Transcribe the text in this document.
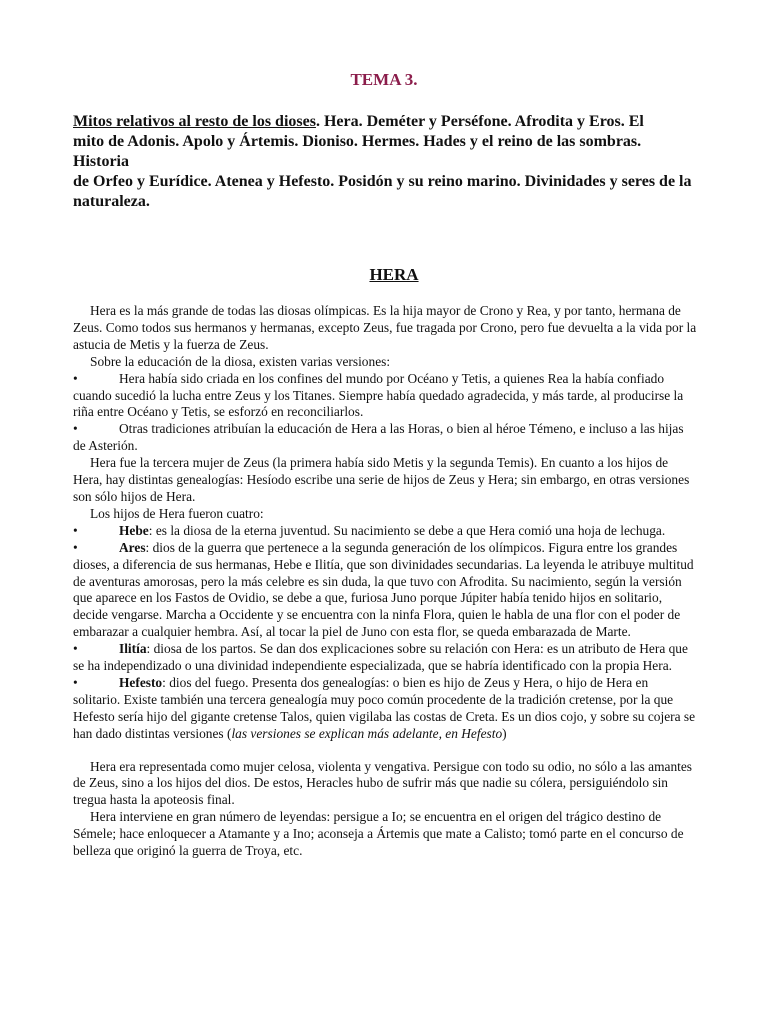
TEMA 3.
Mitos relativos al resto de los dioses. Hera. Deméter y Perséfone. Afrodita y Eros. El
mito de Adonis. Apolo y Ártemis. Dioniso. Hermes. Hades y el reino de las sombras. Historia
de Orfeo y Eurídice. Atenea y Hefesto. Posidón y su reino marino. Divinidades y seres de la
naturaleza.
HERA

Hera es la más grande de todas las diosas olímpicas. Es la hija mayor de Crono y Rea, y por tanto, hermana de Zeus. Como todos sus hermanos y hermanas, excepto Zeus, fue tragada por Crono, pero fue devuelta a la vida por la astucia de Metis y la fuerza de Zeus.

Sobre la educación de la diosa, existen varias versiones:

•	Hera había sido criada en los confines del mundo por Océano y Tetis, a quienes Rea la había confiado cuando sucedió la lucha entre Zeus y los Titanes. Siempre había quedado agradecida, y más tarde, al producirse la riña entre Océano y Tetis, se esforzó en reconciliarlos.

•	Otras tradiciones atribuían la educación de Hera a las Horas, o bien al héroe Témeno, e incluso a las hijas de Asterión.

Hera fue la tercera mujer de Zeus (la primera había sido Metis y la segunda Temis). En cuanto a los hijos de Hera, hay distintas genealogías: Hesíodo escribe una serie de hijos de Zeus y Hera; sin embargo, en otras versiones son sólo hijos de Hera.

Los hijos de Hera fueron cuatro:

•	Hebe: es la diosa de la eterna juventud. Su nacimiento se debe a que Hera comió una hoja de lechuga.

•	Ares: dios de la guerra que pertenece a la segunda generación de los olímpicos. Figura entre los grandes dioses, a diferencia de sus hermanas, Hebe e Ilitía, que son divinidades secundarias. La leyenda le atribuye multitud de aventuras amorosas, pero la más celebre es sin duda, la que tuvo con Afrodita. Su nacimiento, según la versión que aparece en los Fastos de Ovidio, se debe a que, furiosa Juno porque Júpiter había tenido hijos en solitario, decide vengarse. Marcha a Occidente y se encuentra con la ninfa Flora, quien le habla de una flor con el poder de embarazar a cualquier hembra. Así, al tocar la piel de Juno con esta flor, se queda embarazada de Marte.

•	Ilitía: diosa de los partos. Se dan dos explicaciones sobre su relación con Hera: es un atributo de Hera que se ha independizado o una divinidad independiente especializada, que se habría identificado con la propia Hera.

•	Hefesto: dios del fuego. Presenta dos genealogías: o bien es hijo de Zeus y Hera, o hijo de Hera en solitario. Existe también una tercera genealogía muy poco común procedente de la tradición cretense, por la que Hefesto sería hijo del gigante cretense Talos, quien vigilaba las costas de Creta. Es un dios cojo, y sobre su cojera se han dado distintas versiones (las versiones se explican más adelante, en Hefesto)

Hera era representada como mujer celosa, violenta y vengativa. Persigue con todo su odio, no sólo a las amantes de Zeus, sino a los hijos del dios. De estos, Heracles hubo de sufrir más que nadie su cólera, persiguiéndolo sin tregua hasta la apoteosis final.

Hera interviene en gran número de leyendas: persigue a Io; se encuentra en el origen del trágico destino de Sémele; hace enloquecer a Atamante y a Ino; aconseja a Ártemis que mate a Calisto; tomó parte en el concurso de belleza que originó la guerra de Troya, etc.
